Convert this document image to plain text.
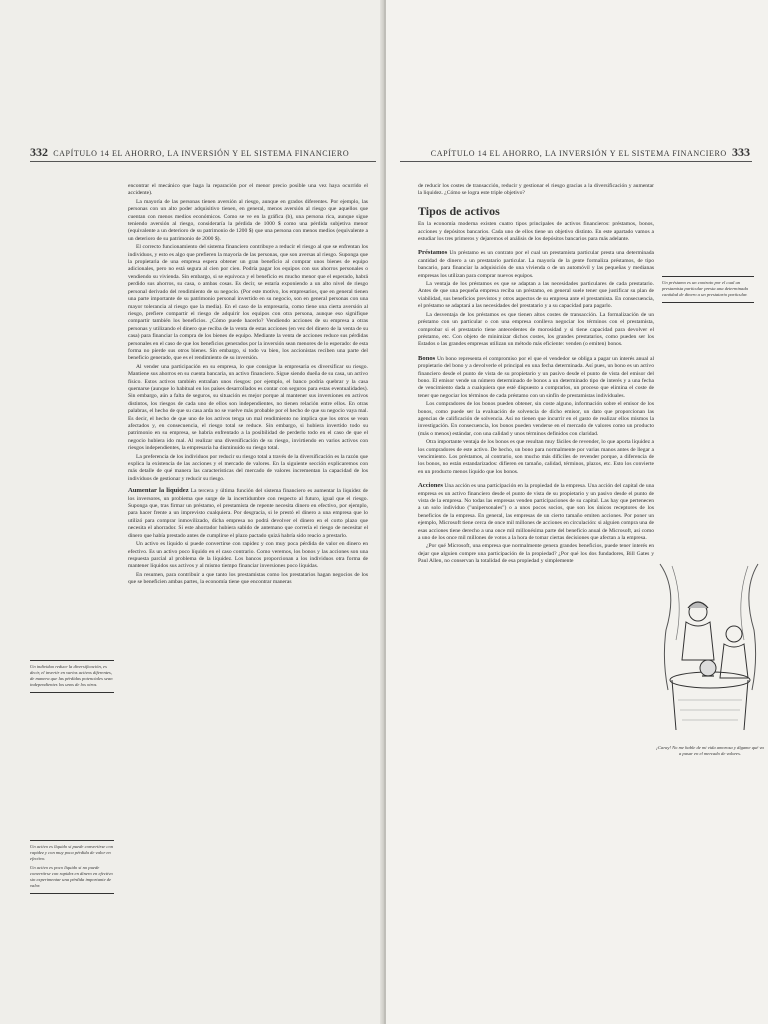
332 CAPÍTULO 14 EL AHORRO, LA INVERSIÓN Y EL SISTEMA FINANCIERO

encontrar el mecánico que haga la reparación por el menor precio posible una vez haya ocurrido el accidente).

La mayoría de las personas tienen aversión al riesgo, aunque en grados diferentes. Por ejemplo, las personas con un alto poder adquisitivo tienen, en general, menos aversión al riesgo que aquellos que cuentan con menos medios económicos. Como se ve en la gráfica (b), una persona rica, aunque sigue teniendo aversión al riesgo, consideraría la pérdida de 1000 $ como una pérdida subjetiva menor (equivalente a un deterioro de su patrimonio de 1200 $) que una persona con menos medios (equivalente a un deterioro de su patrimonio de 2000 $).

El correcto funcionamiento del sistema financiero contribuye a reducir el riesgo al que se enfrentan los individuos, y esto es algo que prefieren la mayoría de las personas, que son aversas al riesgo. Suponga que la propietaria de una empresa espera obtener un gran beneficio al comprar unos bienes de equipo adicionales, pero no está segura al cien por cien. Podría pagar los equipos con sus ahorros personales o vendiendo su vivienda. Sin embargo, si se equivoca y el beneficio es mucho menor que el esperado, habrá perdido sus ahorros, su casa, o ambas cosas. Es decir, se estaría exponiendo a un alto nivel de riesgo personal derivado del rendimiento de su negocio. (Por este motivo, los empresarios, que en general tienen una parte importante de su patrimonio personal invertido en su negocio, son en general personas con una mayor tolerancia al riesgo que la media). En el caso de la empresaria, como tiene una cierta aversión al riesgo, prefiere compartir el riesgo de adquirir los equipos con otra persona, aunque eso signifique compartir también los beneficios. ¿Cómo puede hacerlo? Vendiendo acciones de su empresa a otras personas y utilizando el dinero que reciba de la venta de estas acciones (en vez del dinero de la venta de su casa) para financiar la compra de los bienes de equipo. Mediante la venta de acciones reduce sus pérdidas personales en el caso de que los beneficios generados por la inversión sean menores de lo esperado: de esta forma no pierde sus otros bienes. Sin embargo, si todo va bien, los accionistas reciben una parte del beneficio generado, que es el rendimiento de su inversión.

Al vender una participación en su empresa, lo que consigue la empresaria es diversificar su riesgo. Mantiene sus ahorros en su cuenta bancaria, un activo financiero. Sigue siendo dueña de su casa, un activo físico. Estos activos también entrañan unos riesgos: por ejemplo, el banco podría quebrar y la casa quemarse (aunque lo habitual en los países desarrollados es contar con seguros para estas eventualidades). Sin embargo, aún a falta de seguros, su situación es mejor porque al mantener sus inversiones en activos distintos, los riesgos de cada uno de ellos son independientes, no tienen relación entre ellos. En otras palabras, el hecho de que su casa arda no se vuelve más probable por el hecho de que su negocio vaya mal. Es decir, el hecho de que uno de los activos tenga un mal rendimiento no implica que los otros se vean afectados y, en consecuencia, el riesgo total se reduce. Sin embargo, si hubiera invertido todo su patrimonio en su empresa, se habría enfrentado a la posibilidad de perderlo todo en el caso de que el negocio hubiera ido mal. Al realizar una diversificación de su riesgo, invirtiendo en varios activos con riesgos independientes, la empresaria ha disminuido su riesgo total.

La preferencia de los individuos por reducir su riesgo total a través de la diversificación es la razón que explica la existencia de las acciones y el mercado de valores. En la siguiente sección explicaremos con más detalle de qué manera las características del mercado de valores incrementan la capacidad de los individuos de gestionar y reducir su riesgo.

Aumentar la liquidez La tercera y última función del sistema financiero es aumentar la liquidez de los inversores, un problema que surge de la incertidumbre con respecto al futuro, igual que el riesgo. Suponga que, tras firmar un préstamo, el prestamista de repente necesita dinero en efectivo, por ejemplo, para hacer frente a un imprevisto cualquiera. Por desgracia, si le prestó el dinero a una empresa que lo utilizó para comprar inmovilizado, dicha empresa no podrá devolver el dinero en el corto plazo que necesita el ahorrador. Si este ahorrador hubiera sabido de antemano que correría el riesgo de necesitar el dinero que había prestado antes de cumplirse el plazo pactado quizá habría sido reacio a prestarlo.

Un activo es líquido si puede convertirse con rapidez y con muy poca pérdida de valor en dinero en efectivo. Es un activo poco líquido en el caso contrario. Como veremos, los bonos y las acciones son una respuesta parcial al problema de la liquidez. Los bancos proporcionan a los individuos otra forma de mantener líquidos sus activos y al mismo tiempo financiar inversiones poco líquidas.

En resumen, para contribuir a que tanto los prestamistas como los prestatarios hagan negocios de los que se beneficien ambas partes, la economía tiene que encontrar maneras

Un individuo reduce la diversificación, es decir, el invertir en varios activos diferentes, de manera que las pérdidas potenciales sean independientes los unos de los otros.

Un activo es líquido si puede convertirse con rapidez y con muy poca pérdida de valor en efectivo.

Un activo es poco líquido si no puede convertirse con rapidez en dinero en efectivo sin experimentar una pérdida importante de valor.

CAPÍTULO 14 EL AHORRO, LA INVERSIÓN Y EL SISTEMA FINANCIERO 333

de reducir los costes de transacción, reducir y gestionar el riesgo gracias a la diversificación y aumentar la liquidez. ¿Cómo se logra este triple objetivo?

Tipos de activos

En la economía moderna existen cuatro tipos principales de activos financieros: préstamos, bonos, acciones y depósitos bancarios. Cada uno de ellos tiene un objetivo distinto. En este apartado vamos a estudiar los tres primeros y dejaremos el análisis de los depósitos bancarios para más adelante.

Préstamos Un préstamo es un contrato por el cual un prestamista particular presta una determinada cantidad de dinero a un prestatario particular. La mayoría de la gente formaliza préstamos, de tipo bancario, para financiar la adquisición de una vivienda o de un automóvil y las pequeñas y medianas empresas los utilizan para comprar nuevos equipos.

La ventaja de los préstamos es que se adaptan a las necesidades particulares de cada prestatario. Antes de que una pequeña empresa reciba un préstamo, en general suele tener que justificar su plan de viabilidad, sus beneficios previstos y otros aspectos de su empresa ante el prestamista. En consecuencia, el préstamo se adaptará a las necesidades del prestatario y a su capacidad para pagarlo.

La desventaja de los préstamos es que tienen altos costes de transacción. La formalización de un préstamo con un particular o con una empresa conlleva negociar los términos con el prestamista, comprobar si el prestatario tiene antecedentes de morosidad y si tiene capacidad para devolver el préstamo, etc. Con objeto de minimizar dichos costes, los grandes prestatarios, como pueden ser los Estados o las grandes empresas utilizan un método más eficiente: venden (o emiten) bonos.

Bonos Un bono representa el compromiso por el que el vendedor se obliga a pagar un interés anual al propietario del bono y a devolverle el principal en una fecha determinada. Así pues, un bono es un activo financiero desde el punto de vista de su propietario y un pasivo desde el punto de vista del emisor del bono. El emisor vende un número determinado de bonos a un determinado tipo de interés y a una fecha de vencimiento dada a cualquiera que esté dispuesto a comprarlos, un proceso que elimina el coste de tener que negociar los términos de cada préstamo con un sinfín de prestamistas individuales.

Los compradores de los bonos pueden obtener, sin coste alguno, información sobre el emisor de los bonos, como puede ser la evaluación de solvencia de dicho emisor, un dato que proporcionan las agencias de calificación de solvencia. Así no tienen que incurrir en el gasto de realizar ellos mismos la investigación. En consecuencia, los bonos pueden venderse en el mercado de valores como un producto (más o menos) estándar, con una calidad y unos términos definidos con claridad.

Otra importante ventaja de los bonos es que resultan muy fáciles de revender, lo que aporta liquidez a los compradores de este activo. De hecho, un bono para normalmente por varias manos antes de llegar a vencimiento. Los préstamos, al contrario, son mucho más difíciles de revender porque, a diferencia de los bonos, no están estandarizados: difieren en tamaño, calidad, términos, plazos, etc. Esto los convierte en un producto menos líquido que los bonos.

Acciones Una acción es una participación en la propiedad de la empresa. Una acción del capital de una empresa es un activo financiero desde el punto de vista de su propietario y un pasivo desde el punto de vista de la empresa. No todas las empresas venden participaciones de su capital. Las hay que pertenecen a un solo individuo ("unipersonales") o a unos pocos socios, que son los únicos receptores de los beneficios de la empresa. En general, las empresas de un cierto tamaño emiten acciones. Por poner un ejemplo, Microsoft tiene cerca de once mil millones de acciones en circulación: si alguien compra una de esas acciones tiene derecho a una once mil millonésima parte del beneficio anual de Microsoft, así como a uno de los once mil millones de votos a la hora de tomar ciertas decisiones que afectan a la empresa.

¿Por qué Microsoft, una empresa que normalmente genera grandes beneficios, puede tener interés en dejar que alguien compre una participación de la propiedad? ¿Por qué los dos fundadores, Bill Gates y Paul Allen, no conservan la totalidad de esa propiedad y simplemente

Un préstamo es un contrato por el cual un prestamista particular presta una determinada cantidad de dinero a un prestatario particular.

¡Caray! No me hable de mi vida amorosa y dígame qué va a pasar en el mercado de valores.
